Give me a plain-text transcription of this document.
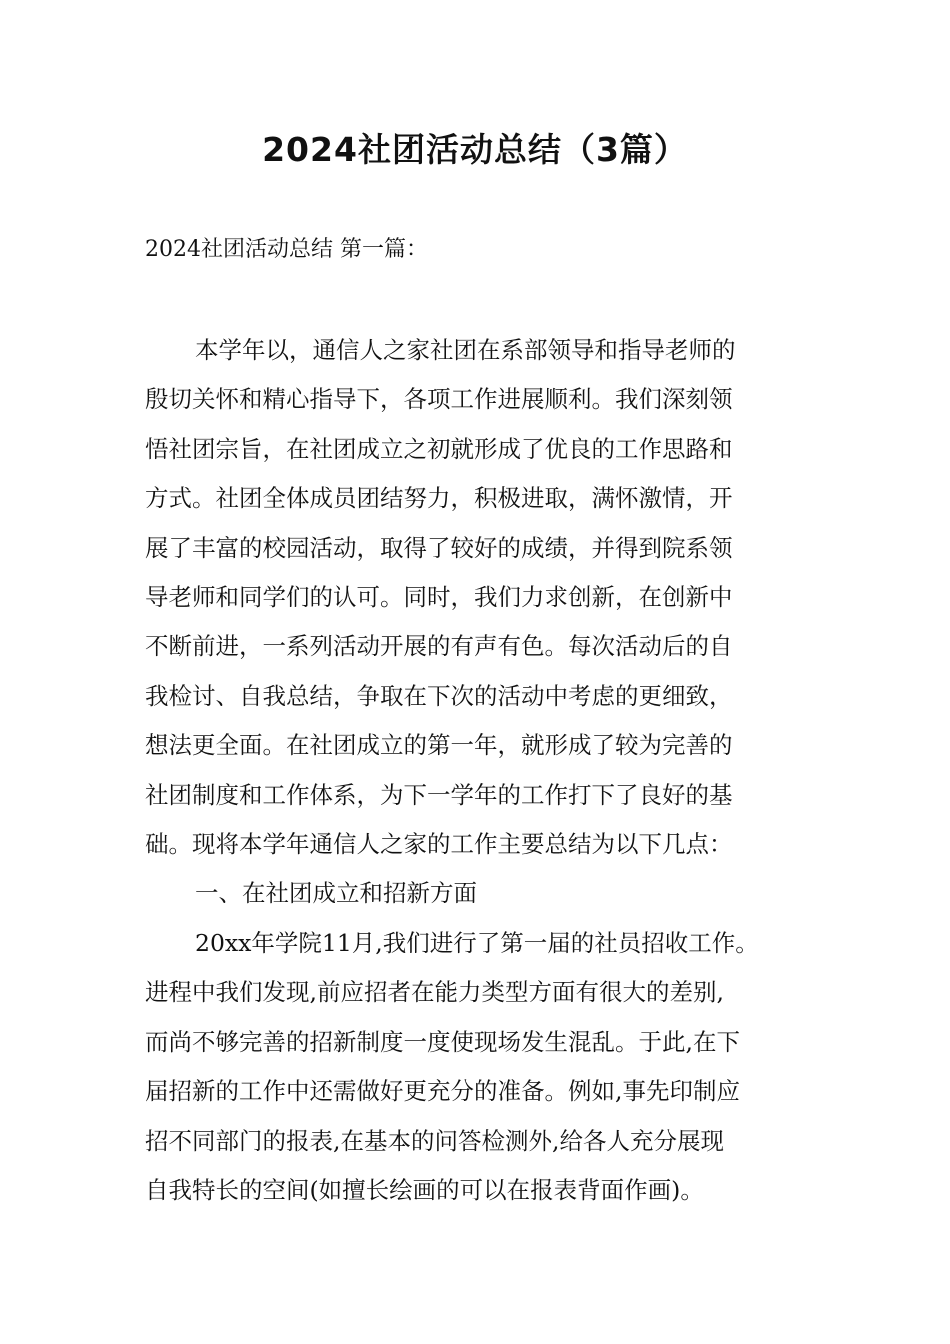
2024社团活动总结（3篇）
2024社团活动总结 第一篇：

本学年以，通信人之家社团在系部领导和指导老师的
殷切关怀和精心指导下，各项工作进展顺利。我们深刻领
悟社团宗旨，在社团成立之初就形成了优良的工作思路和
方式。社团全体成员团结努力，积极进取，满怀激情，开
展了丰富的校园活动，取得了较好的成绩，并得到院系领
导老师和同学们的认可。同时，我们力求创新，在创新中
不断前进，一系列活动开展的有声有色。每次活动后的自
我检讨、自我总结，争取在下次的活动中考虑的更细致，
想法更全面。在社团成立的第一年，就形成了较为完善的
社团制度和工作体系，为下一学年的工作打下了良好的基
础。现将本学年通信人之家的工作主要总结为以下几点：

一、在社团成立和招新方面

20xx年学院11月,我们进行了第一届的社员招收工作。
进程中我们发现,前应招者在能力类型方面有很大的差别,
而尚不够完善的招新制度一度使现场发生混乱。于此,在下
届招新的工作中还需做好更充分的准备。例如,事先印制应
招不同部门的报表,在基本的问答检测外,给各人充分展现
自我特长的空间(如擅长绘画的可以在报表背面作画)。
